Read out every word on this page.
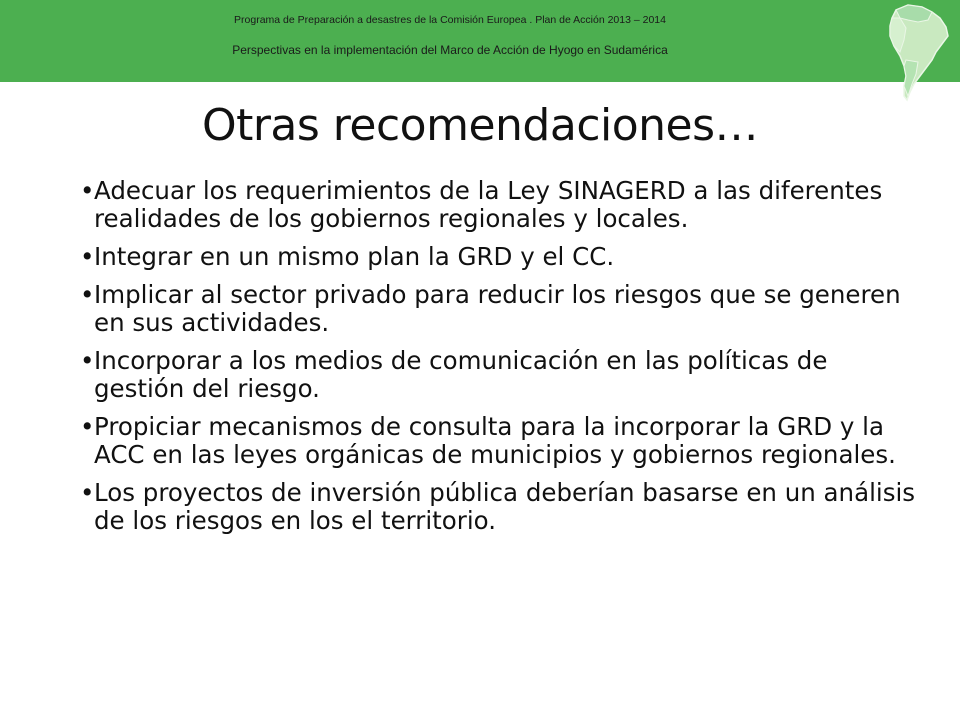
Programa de Preparación a desastres de la Comisión Europea . Plan de Acción 2013 – 2014
Perspectivas en la implementación del Marco de Acción de Hyogo en Sudamérica
Otras recomendaciones…
• Adecuar los requerimientos de la Ley SINAGERD a las diferentes realidades de los gobiernos regionales y locales.
• Integrar en un mismo plan la GRD y el CC.
• Implicar al sector privado para reducir los riesgos que se generen en sus actividades.
• Incorporar a los medios de comunicación en las políticas de gestión del riesgo.
• Propiciar mecanismos de consulta para la incorporar la GRD y la ACC en las leyes orgánicas de municipios y gobiernos regionales.
• Los proyectos de inversión pública deberían basarse en un análisis de los riesgos en los el territorio.
